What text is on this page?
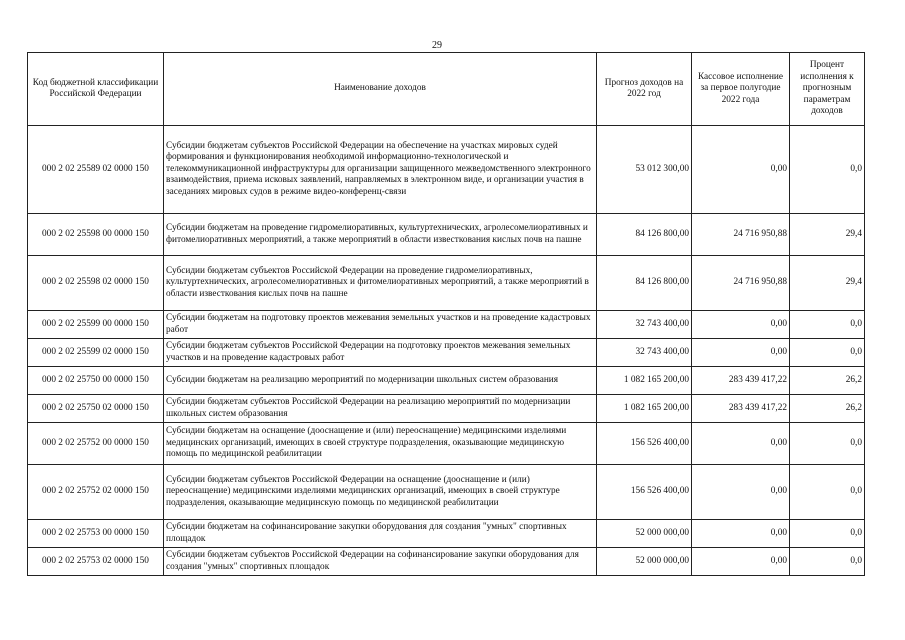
29
Код бюджетной классификации Российской Федерации	Наименование доходов	Прогноз доходов на 2022 год	Кассовое исполнение за первое полугодие 2022 года	Процент исполнения к прогнозным параметрам доходов
000 2 02 25589 02 0000 150	Субсидии бюджетам субъектов Российской Федерации на обеспечение на участках мировых судей формирования и функционирования необходимой информационно-технологической и телекоммуникационной инфраструктуры для организации защищенного межведомственного электронного взаимодействия, приема исковых заявлений, направляемых в электронном виде, и организации участия в заседаниях мировых судов в режиме видео-конференц-связи	53 012 300,00	0,00	0,0
000 2 02 25598 00 0000 150	Субсидии бюджетам на проведение гидромелиоративных, культуртехнических, агролесомелиоративных и фитомелиоративных мероприятий, а также мероприятий в области известкования кислых почв на пашне	84 126 800,00	24 716 950,88	29,4
000 2 02 25598 02 0000 150	Субсидии бюджетам субъектов Российской Федерации на проведение гидромелиоративных, культуртехнических, агролесомелиоративных и фитомелиоративных мероприятий, а также мероприятий в области известкования кислых почв на пашне	84 126 800,00	24 716 950,88	29,4
000 2 02 25599 00 0000 150	Субсидии бюджетам на подготовку проектов межевания земельных участков и на проведение кадастровых работ	32 743 400,00	0,00	0,0
000 2 02 25599 02 0000 150	Субсидии бюджетам субъектов Российской Федерации на подготовку проектов межевания земельных участков и на проведение кадастровых работ	32 743 400,00	0,00	0,0
000 2 02 25750 00 0000 150	Субсидии бюджетам на реализацию мероприятий по модернизации школьных систем образования	1 082 165 200,00	283 439 417,22	26,2
000 2 02 25750 02 0000 150	Субсидии бюджетам субъектов Российской Федерации на реализацию мероприятий по модернизации школьных систем образования	1 082 165 200,00	283 439 417,22	26,2
000 2 02 25752 00 0000 150	Субсидии бюджетам на оснащение (дооснащение и (или) переоснащение) медицинскими изделиями медицинских организаций, имеющих в своей структуре подразделения, оказывающие медицинскую помощь по медицинской реабилитации	156 526 400,00	0,00	0,0
000 2 02 25752 02 0000 150	Субсидии бюджетам субъектов Российской Федерации на оснащение (дооснащение и (или) переоснащение) медицинскими изделиями медицинских организаций, имеющих в своей структуре подразделения, оказывающие медицинскую помощь по медицинской реабилитации	156 526 400,00	0,00	0,0
000 2 02 25753 00 0000 150	Субсидии бюджетам на софинансирование закупки оборудования для создания "умных" спортивных площадок	52 000 000,00	0,00	0,0
000 2 02 25753 02 0000 150	Субсидии бюджетам субъектов Российской Федерации на софинансирование закупки оборудования для создания "умных" спортивных площадок	52 000 000,00	0,00	0,0
